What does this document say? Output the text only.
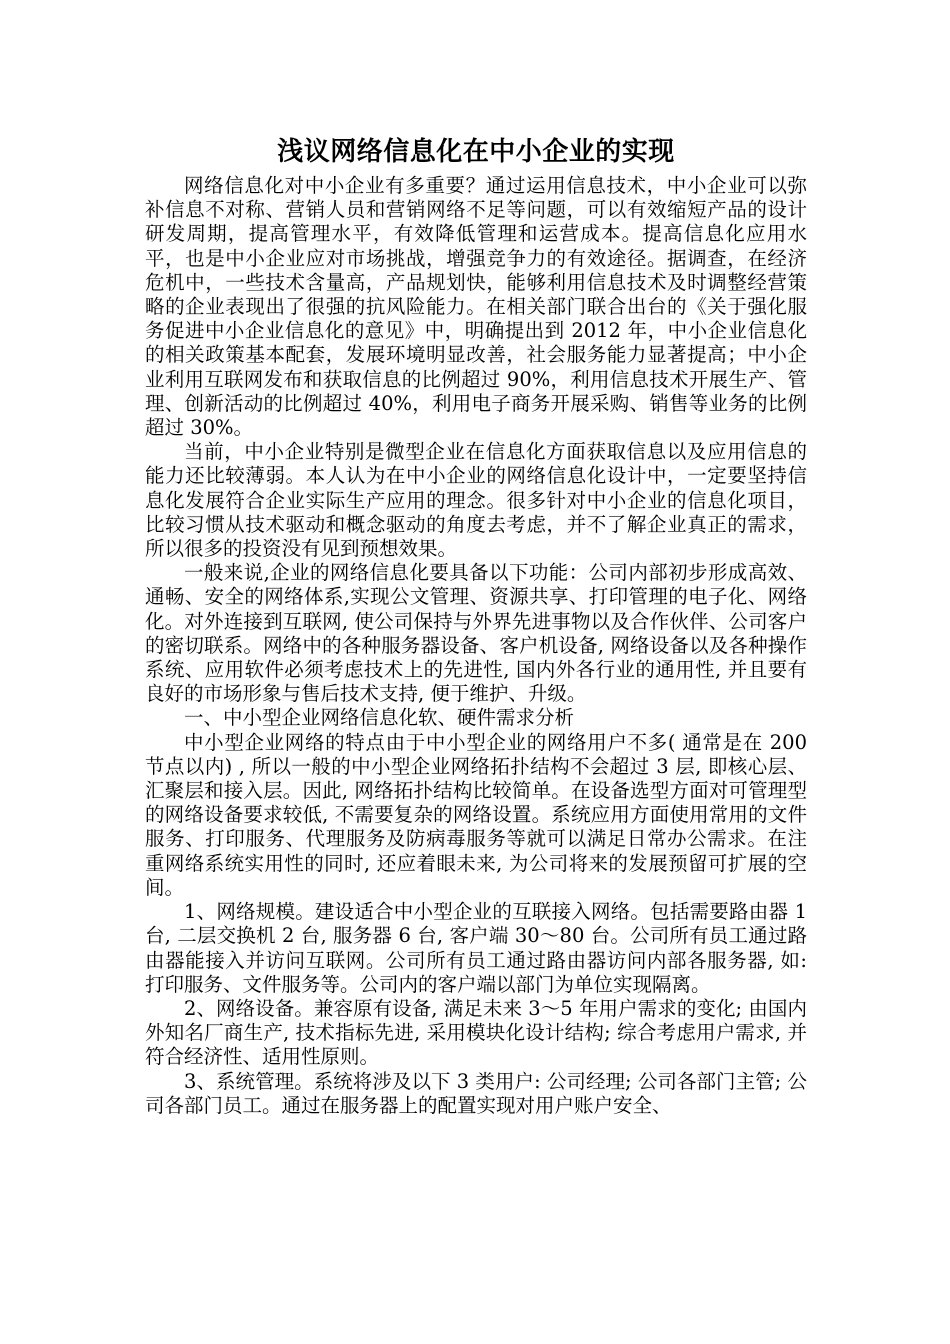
浅议网络信息化在中小企业的实现

网络信息化对中小企业有多重要？通过运用信息技术，中小企业可以弥补信息不对称、营销人员和营销网络不足等问题，可以有效缩短产品的设计研发周期，提高管理水平，有效降低管理和运营成本。提高信息化应用水平，也是中小企业应对市场挑战，增强竞争力的有效途径。据调查，在经济危机中，一些技术含量高，产品规划快，能够利用信息技术及时调整经营策略的企业表现出了很强的抗风险能力。在相关部门联合出台的《关于强化服务促进中小企业信息化的意见》中，明确提出到 2012 年，中小企业信息化的相关政策基本配套，发展环境明显改善，社会服务能力显著提高；中小企业利用互联网发布和获取信息的比例超过 90%，利用信息技术开展生产、管理、创新活动的比例超过 40%，利用电子商务开展采购、销售等业务的比例超过 30%。

当前，中小企业特别是微型企业在信息化方面获取信息以及应用信息的能力还比较薄弱。本人认为在中小企业的网络信息化设计中，一定要坚持信息化发展符合企业实际生产应用的理念。很多针对中小企业的信息化项目，比较习惯从技术驱动和概念驱动的角度去考虑，并不了解企业真正的需求，所以很多的投资没有见到预想效果。

一般来说,企业的网络信息化要具备以下功能：公司内部初步形成高效、通畅、安全的网络体系,实现公文管理、资源共享、打印管理的电子化、网络化。对外连接到互联网, 使公司保持与外界先进事物以及合作伙伴、公司客户的密切联系。网络中的各种服务器设备、客户机设备, 网络设备以及各种操作系统、应用软件必须考虑技术上的先进性, 国内外各行业的通用性, 并且要有良好的市场形象与售后技术支持, 便于维护、升级。

一、中小型企业网络信息化软、硬件需求分析

中小型企业网络的特点由于中小型企业的网络用户不多( 通常是在 200 节点以内) , 所以一般的中小型企业网络拓扑结构不会超过 3 层, 即核心层、汇聚层和接入层。因此, 网络拓扑结构比较简单。在设备选型方面对可管理型的网络设备要求较低, 不需要复杂的网络设置。系统应用方面使用常用的文件服务、打印服务、代理服务及防病毒服务等就可以满足日常办公需求。在注重网络系统实用性的同时, 还应着眼未来, 为公司将来的发展预留可扩展的空间。

1、网络规模。建设适合中小型企业的互联接入网络。包括需要路由器 1 台, 二层交换机 2 台, 服务器 6 台, 客户端 30～80 台。公司所有员工通过路由器能接入并访问互联网。公司所有员工通过路由器访问内部各服务器, 如: 打印服务、文件服务等。公司内的客户端以部门为单位实现隔离。

2、网络设备。兼容原有设备, 满足未来 3～5 年用户需求的变化; 由国内外知名厂商生产, 技术指标先进, 采用模块化设计结构; 综合考虑用户需求, 并符合经济性、适用性原则。

3、系统管理。系统将涉及以下 3 类用户: 公司经理; 公司各部门主管; 公司各部门员工。通过在服务器上的配置实现对用户账户安全、
